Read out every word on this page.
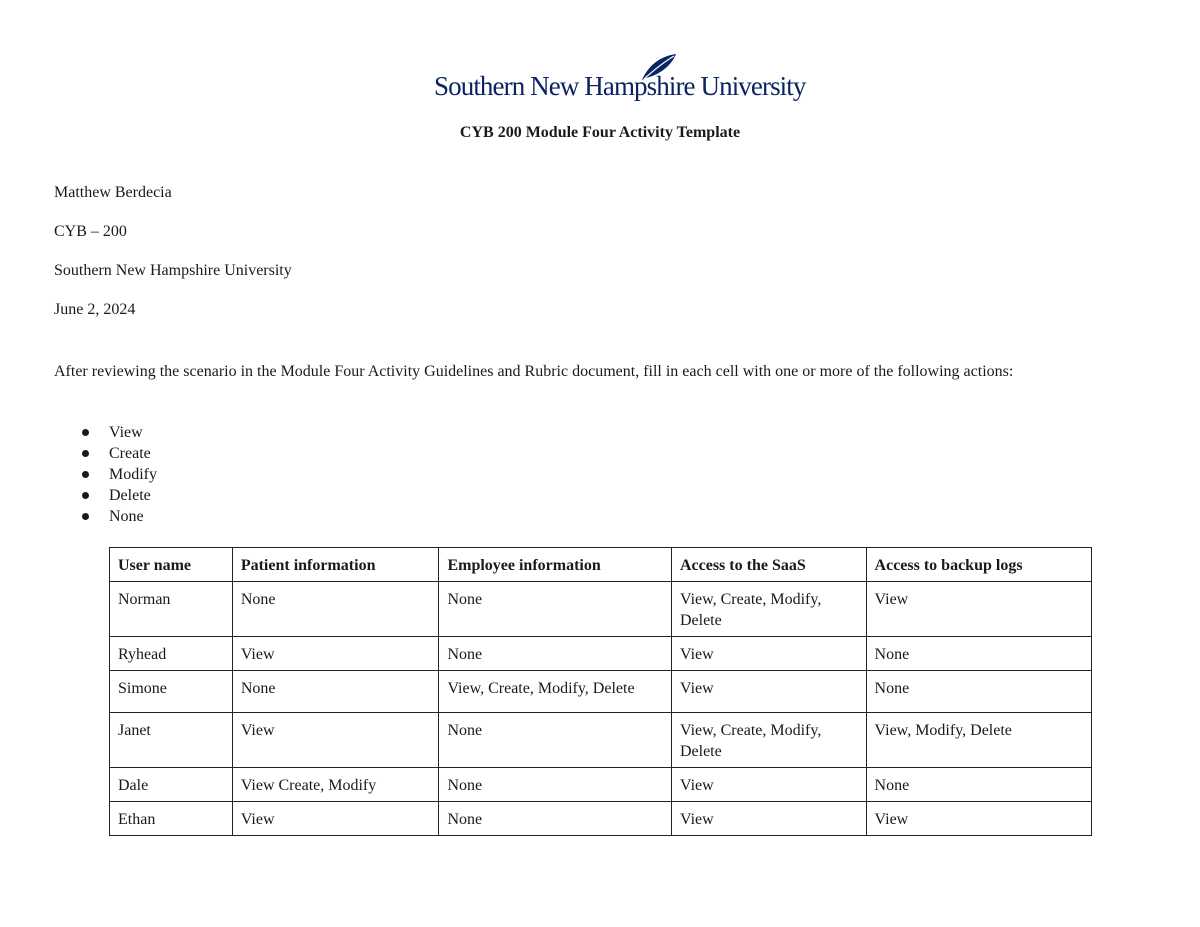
Southern New Hampshire University
CYB 200 Module Four Activity Template
Matthew Berdecia
CYB – 200
Southern New Hampshire University
June 2, 2024
After reviewing the scenario in the Module Four Activity Guidelines and Rubric document, fill in each cell with one or more of the following actions:
View
Create
Modify
Delete
None
User name	Patient information	Employee information	Access to the SaaS	Access to backup logs
Norman	None	None	View, Create, Modify, Delete	View
Ryhead	View	None	View	None
Simone	None	View, Create, Modify, Delete	View	None
Janet	View	None	View, Create, Modify, Delete	View, Modify, Delete
Dale	View Create, Modify	None	View	None
Ethan	View	None	View	View
